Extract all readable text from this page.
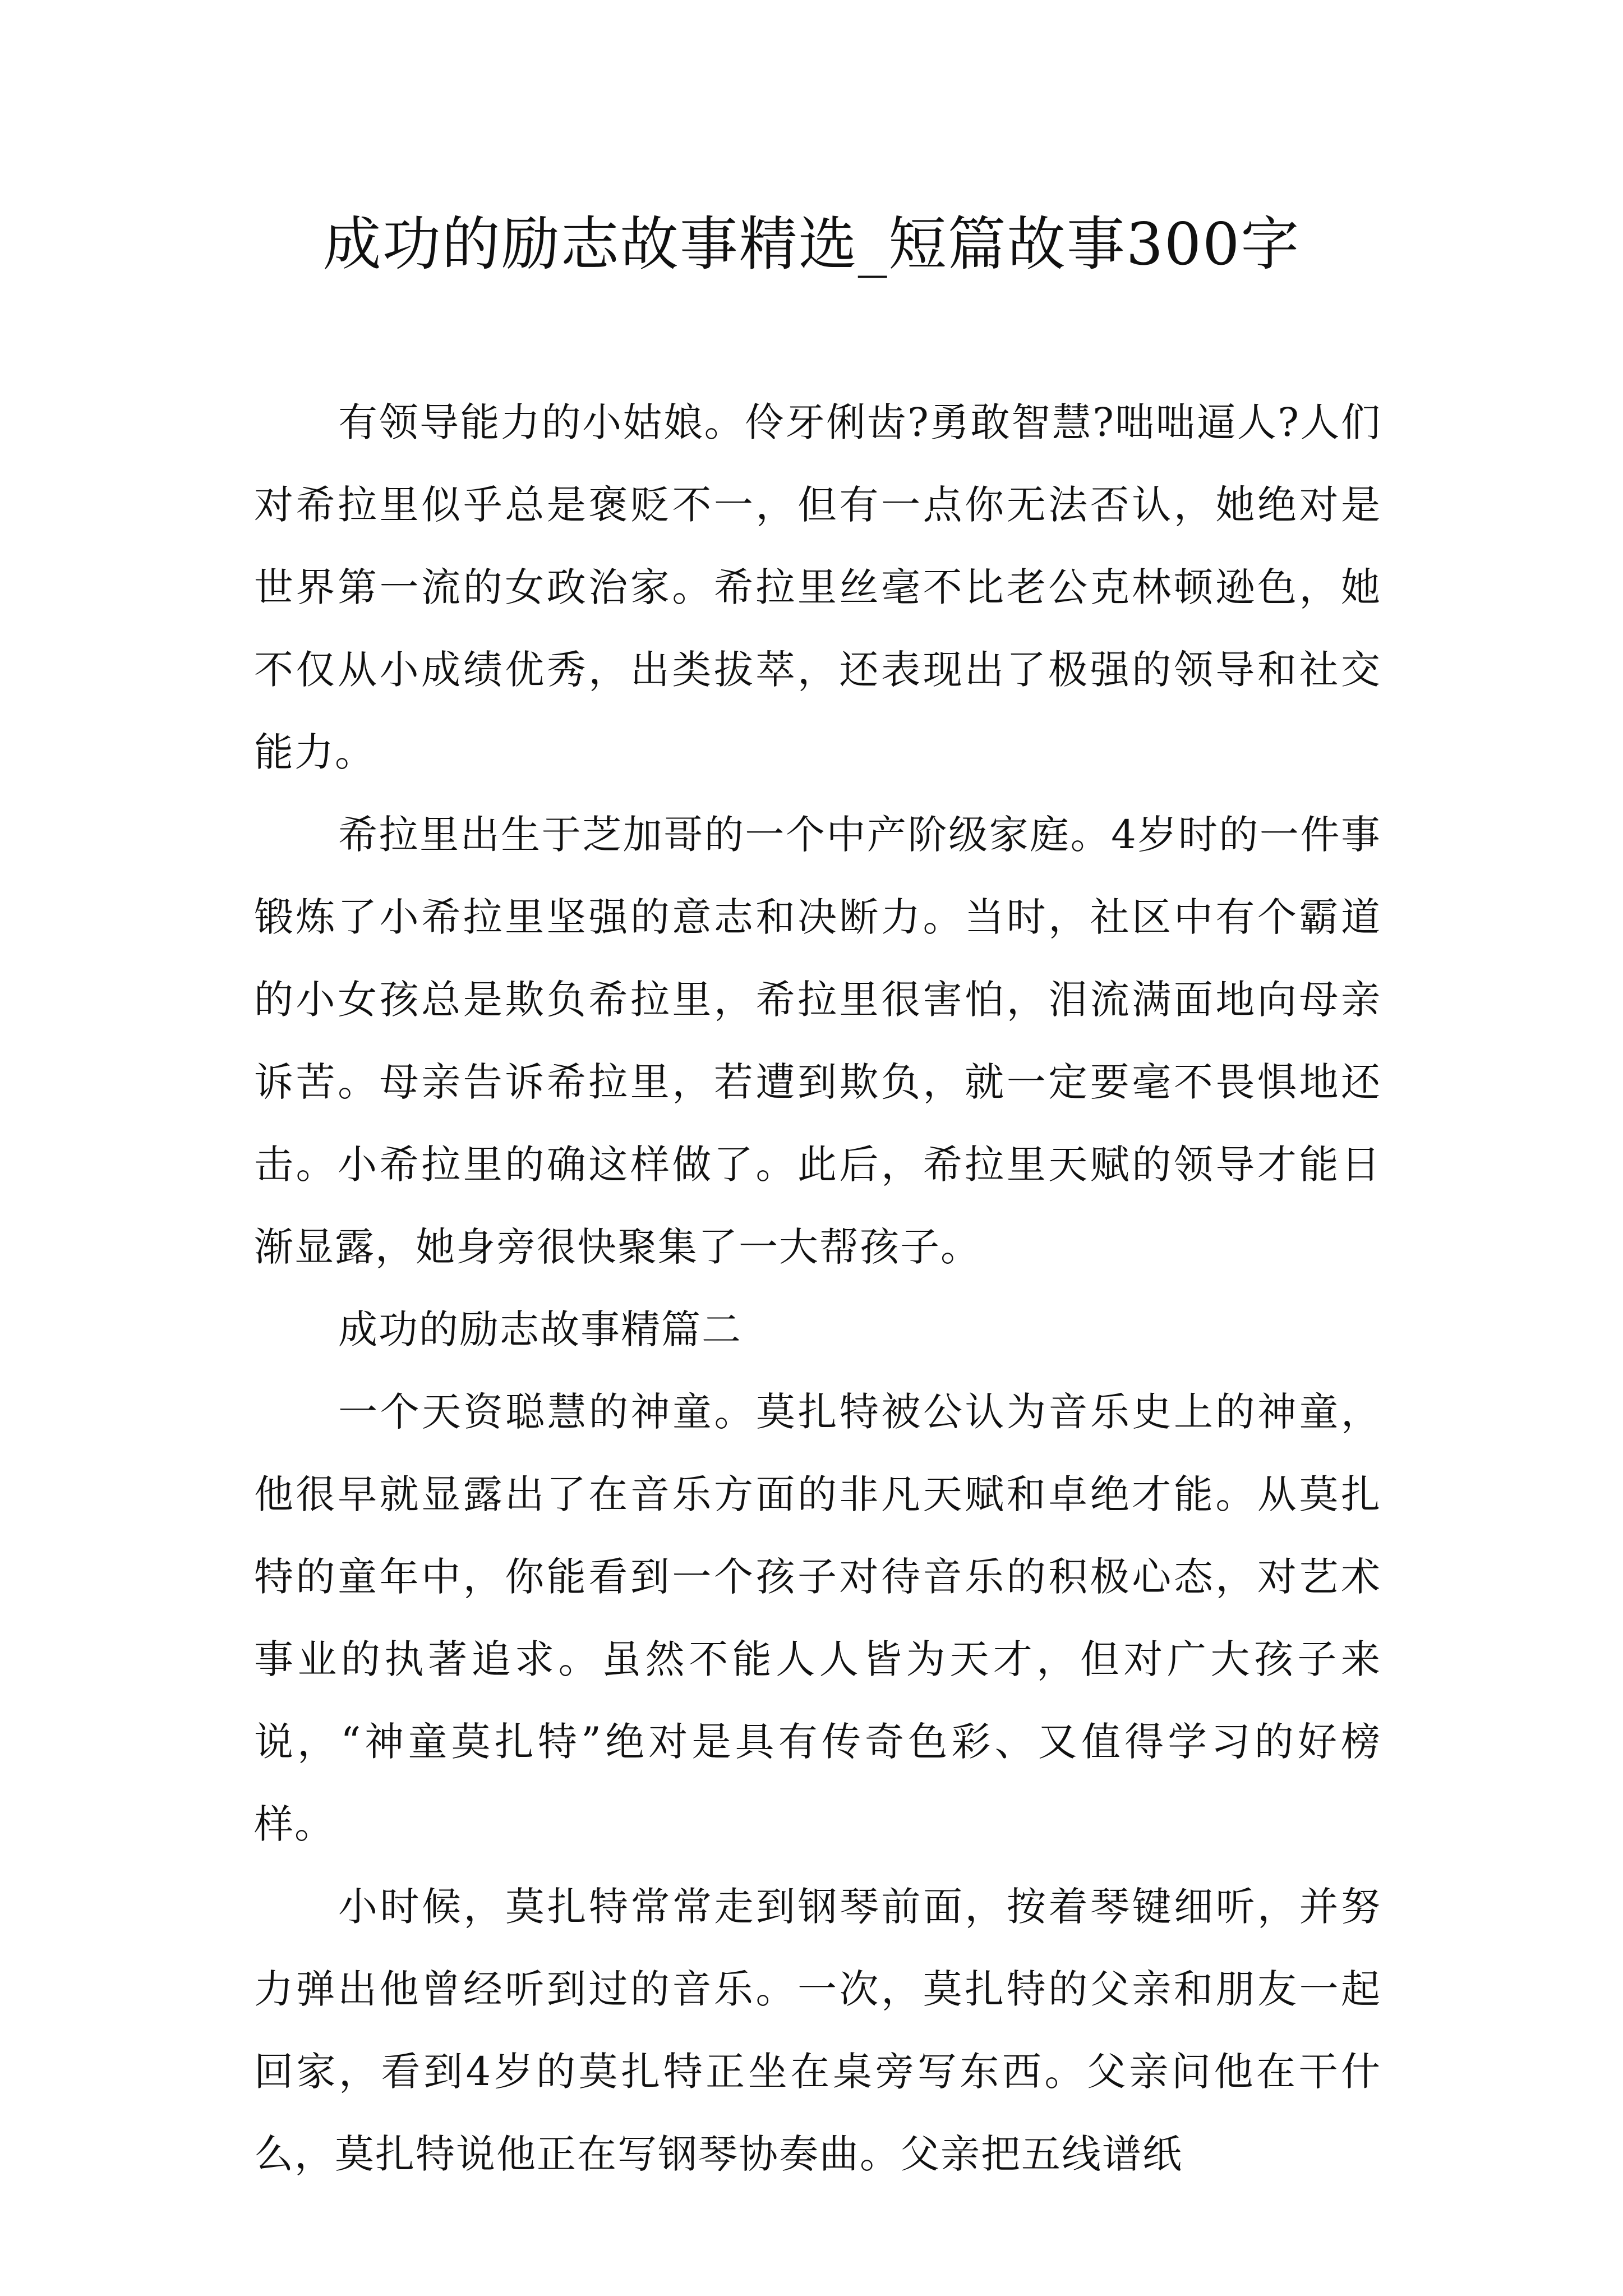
成功的励志故事精选_短篇故事300字

有领导能力的小姑娘。伶牙俐齿?勇敢智慧?咄咄逼人?人们对希拉里似乎总是褒贬不一，但有一点你无法否认，她绝对是世界第一流的女政治家。希拉里丝毫不比老公克林顿逊色，她不仅从小成绩优秀，出类拔萃，还表现出了极强的领导和社交能力。

希拉里出生于芝加哥的一个中产阶级家庭。4岁时的一件事锻炼了小希拉里坚强的意志和决断力。当时，社区中有个霸道的小女孩总是欺负希拉里，希拉里很害怕，泪流满面地向母亲诉苦。母亲告诉希拉里，若遭到欺负，就一定要毫不畏惧地还击。小希拉里的确这样做了。此后，希拉里天赋的领导才能日渐显露，她身旁很快聚集了一大帮孩子。

成功的励志故事精篇二

一个天资聪慧的神童。莫扎特被公认为音乐史上的神童，他很早就显露出了在音乐方面的非凡天赋和卓绝才能。从莫扎特的童年中，你能看到一个孩子对待音乐的积极心态，对艺术事业的执著追求。虽然不能人人皆为天才，但对广大孩子来说，“神童莫扎特”绝对是具有传奇色彩、又值得学习的好榜样。

小时候，莫扎特常常走到钢琴前面，按着琴键细听，并努力弹出他曾经听到过的音乐。一次，莫扎特的父亲和朋友一起回家，看到4岁的莫扎特正坐在桌旁写东西。父亲问他在干什么，莫扎特说他正在写钢琴协奏曲。父亲把五线谱纸
